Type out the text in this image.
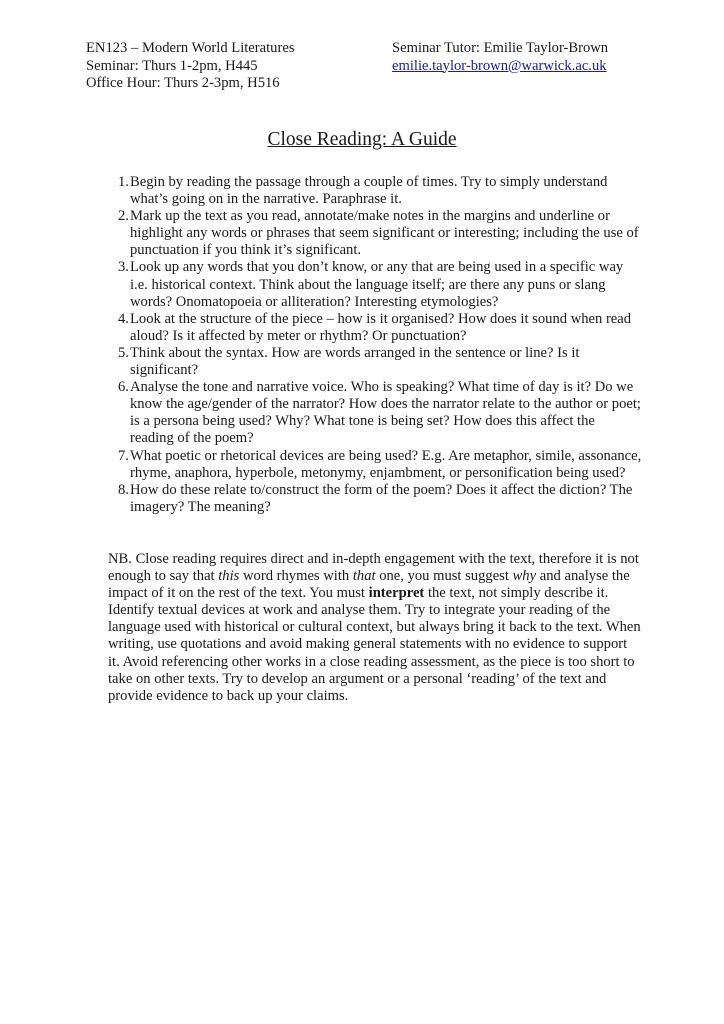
EN123 – Modern World Literatures	Seminar Tutor: Emilie Taylor-Brown
Seminar: Thurs 1-2pm, H445	emilie.taylor-brown@warwick.ac.uk
Office Hour: Thurs 2-3pm, H516
Close Reading: A Guide
1. Begin by reading the passage through a couple of times. Try to simply understand what’s going on in the narrative. Paraphrase it.
2. Mark up the text as you read, annotate/make notes in the margins and underline or highlight any words or phrases that seem significant or interesting; including the use of punctuation if you think it’s significant.
3. Look up any words that you don’t know, or any that are being used in a specific way i.e. historical context. Think about the language itself; are there any puns or slang words? Onomatopoeia or alliteration? Interesting etymologies?
4. Look at the structure of the piece – how is it organised? How does it sound when read aloud? Is it affected by meter or rhythm? Or punctuation?
5. Think about the syntax. How are words arranged in the sentence or line? Is it significant?
6. Analyse the tone and narrative voice. Who is speaking? What time of day is it? Do we know the age/gender of the narrator? How does the narrator relate to the author or poet; is a persona being used? Why? What tone is being set? How does this affect the reading of the poem?
7. What poetic or rhetorical devices are being used? E.g. Are metaphor, simile, assonance, rhyme, anaphora, hyperbole, metonymy, enjambment, or personification being used?
8. How do these relate to/construct the form of the poem? Does it affect the diction? The imagery? The meaning?

NB. Close reading requires direct and in-depth engagement with the text, therefore it is not enough to say that this word rhymes with that one, you must suggest why and analyse the impact of it on the rest of the text. You must interpret the text, not simply describe it. Identify textual devices at work and analyse them. Try to integrate your reading of the language used with historical or cultural context, but always bring it back to the text. When writing, use quotations and avoid making general statements with no evidence to support it. Avoid referencing other works in a close reading assessment, as the piece is too short to take on other texts. Try to develop an argument or a personal ‘reading’ of the text and provide evidence to back up your claims.
